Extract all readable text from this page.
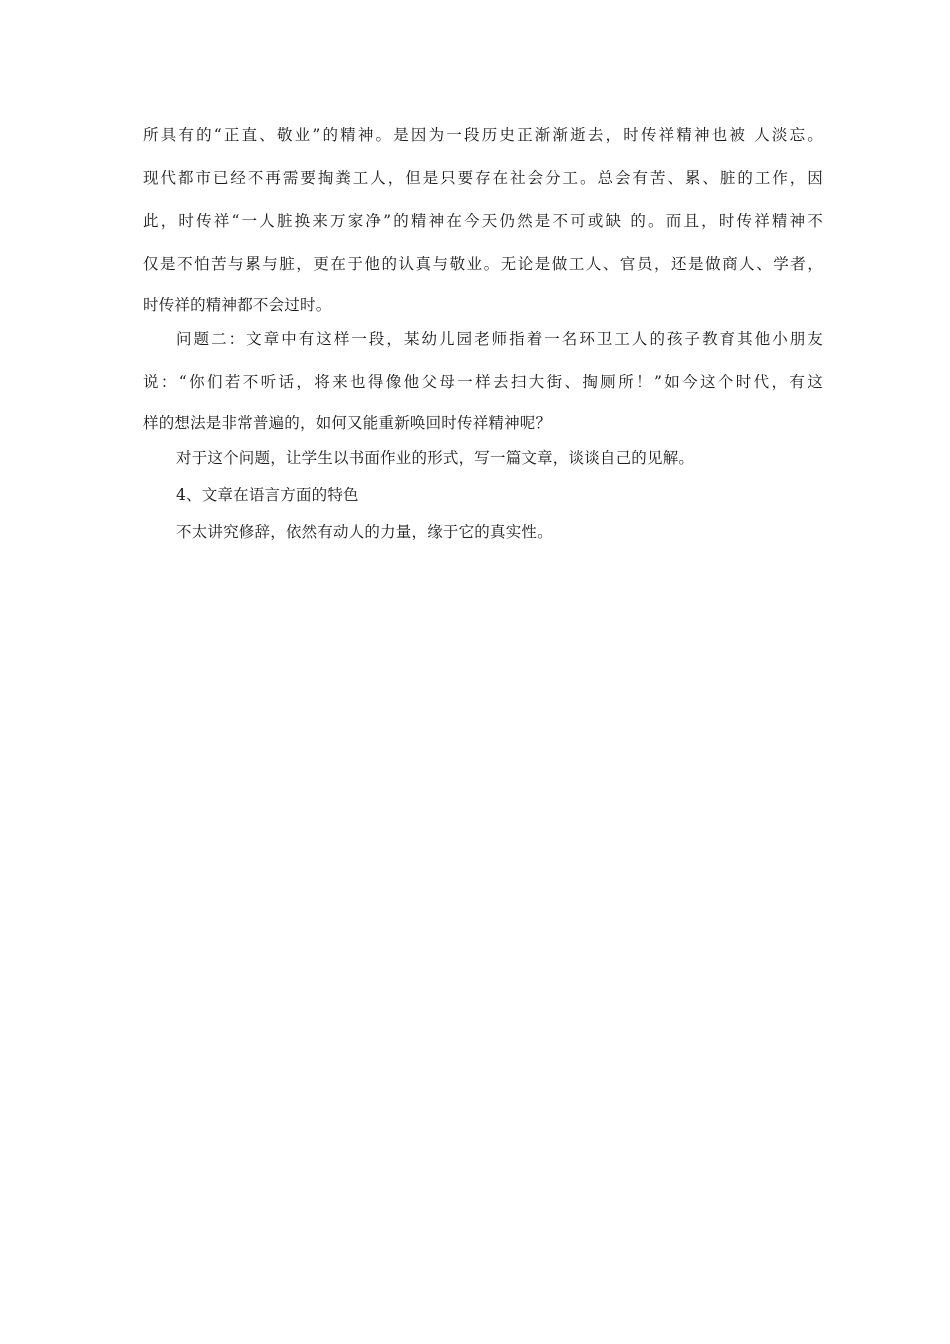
所具有的“正直、敬业”的精神。是因为一段历史正渐渐逝去，时传祥精神也被 人淡忘。
现代都市已经不再需要掏粪工人，但是只要存在社会分工。总会有苦、累、脏的工作，因
此，时传祥“一人脏换来万家净”的精神在今天仍然是不可或缺 的。而且，时传祥精神不
仅是不怕苦与累与脏，更在于他的认真与敬业。无论是做工人、官员，还是做商人、学者，
时传祥的精神都不会过时。
问题二：文章中有这样一段，某幼儿园老师指着一名环卫工人的孩子教育其他小朋友
说：“你们若不听话，将来也得像他父母一样去扫大街、掏厕所！”如今这个时代，有这
样的想法是非常普遍的，如何又能重新唤回时传祥精神呢？
对于这个问题，让学生以书面作业的形式，写一篇文章，谈谈自己的见解。
4、文章在语言方面的特色
不太讲究修辞，依然有动人的力量，缘于它的真实性。
